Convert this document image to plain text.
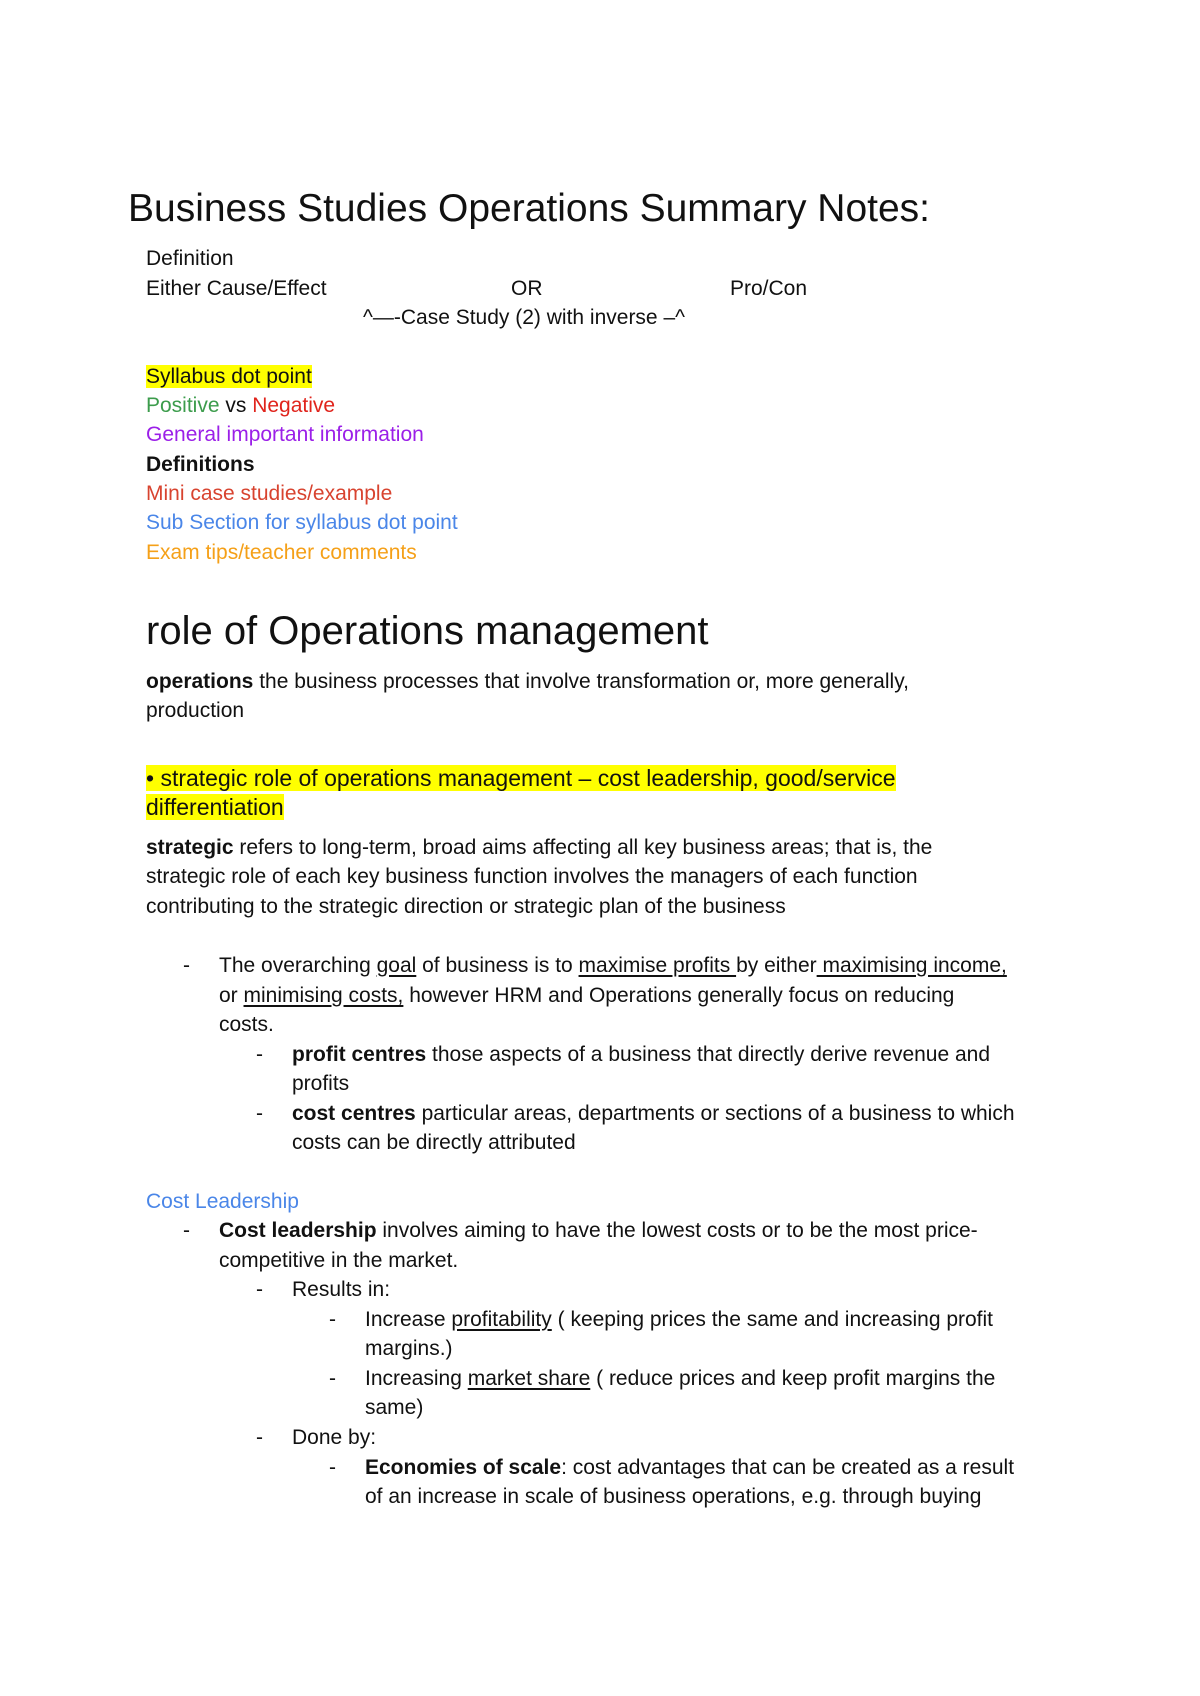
Business Studies Operations Summary Notes:
Definition
Either Cause/Effect	OR	Pro/Con
^—-Case Study (2) with inverse –^
Syllabus dot point
Positive vs Negative
General important information
Definitions
Mini case studies/example
Sub Section for syllabus dot point
Exam tips/teacher comments
role of Operations management
operations the business processes that involve transformation or, more generally,
production
• strategic role of operations management – cost leadership, good/service
differentiation
strategic refers to long-term, broad aims affecting all key business areas; that is, the
strategic role of each key business function involves the managers of each function
contributing to the strategic direction or strategic plan of the business
- The overarching goal of business is to maximise profits by either maximising income,
or minimising costs, however HRM and Operations generally focus on reducing
costs.
- profit centres those aspects of a business that directly derive revenue and
profits
- cost centres particular areas, departments or sections of a business to which
costs can be directly attributed
Cost Leadership
- Cost leadership involves aiming to have the lowest costs or to be the most price-
competitive in the market.
- Results in:
- Increase profitability ( keeping prices the same and increasing profit
margins.)
- Increasing market share ( reduce prices and keep profit margins the
same)
- Done by:
- Economies of scale: cost advantages that can be created as a result
of an increase in scale of business operations, e.g. through buying
